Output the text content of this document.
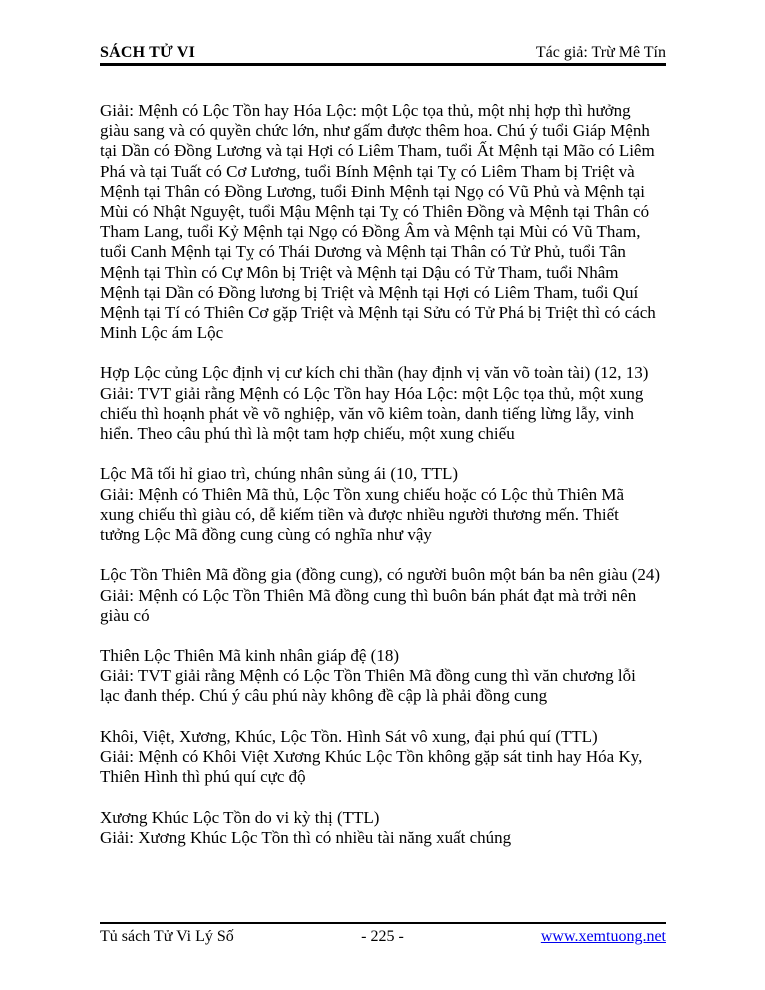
SÁCH TỬ VI	Tác giả: Trừ Mê Tín
Giải: Mệnh có Lộc Tồn hay Hóa Lộc: một Lộc tọa thủ, một nhị hợp thì hưởng
giàu sang và có quyền chức lớn, như gấm được thêm hoa. Chú ý tuổi Giáp Mệnh
tại Dần có Đồng Lương và tại Hợi có Liêm Tham, tuổi Ất Mệnh tại Mão có Liêm
Phá và tại Tuất có Cơ Lương, tuổi Bính Mệnh tại Tỵ có Liêm Tham bị Triệt và
Mệnh tại Thân có Đồng Lương, tuổi Đinh Mệnh tại Ngọ có Vũ Phủ và Mệnh tại
Mùi có Nhật Nguyệt, tuổi Mậu Mệnh tại Tỵ có Thiên Đồng và Mệnh tại Thân có
Tham Lang, tuổi Kỷ Mệnh tại Ngọ có Đồng Âm và Mệnh tại Mùi có Vũ Tham,
tuổi Canh Mệnh tại Tỵ có Thái Dương và Mệnh tại Thân có Tử Phủ, tuổi Tân
Mệnh tại Thìn có Cự Môn bị Triệt và Mệnh tại Dậu có Tử Tham, tuổi Nhâm
Mệnh tại Dần có Đồng lương bị Triệt và Mệnh tại Hợi có Liêm Tham, tuổi Quí
Mệnh tại Tí có Thiên Cơ gặp Triệt và Mệnh tại Sửu có Tử Phá bị Triệt thì có cách
Minh Lộc ám Lộc
Hợp Lộc củng Lộc định vị cư kích chi thần (hay định vị văn võ toàn tài) (12, 13)
Giải: TVT giải rằng Mệnh có Lộc Tồn hay Hóa Lộc: một Lộc tọa thủ, một xung
chiếu thì hoạnh phát về võ nghiệp, văn võ kiêm toàn, danh tiếng lừng lẫy, vinh
hiển. Theo câu phú thì là một tam hợp chiếu, một xung chiếu
Lộc Mã tối hỉ giao trì, chúng nhân sủng ái (10, TTL)
Giải: Mệnh có Thiên Mã thủ, Lộc Tồn xung chiếu hoặc có Lộc thủ Thiên Mã
xung chiếu thì giàu có, dễ kiếm tiền và được nhiều người thương mến. Thiết
tưởng Lộc Mã đồng cung cùng có nghĩa như vậy
Lộc Tồn Thiên Mã đồng gia (đồng cung), có người buôn một bán ba nên giàu (24)
Giải: Mệnh có Lộc Tồn Thiên Mã đồng cung thì buôn bán phát đạt mà trởi nên
giàu có
Thiên Lộc Thiên Mã kinh nhân giáp đệ (18)
Giải: TVT giải rằng Mệnh có Lộc Tồn Thiên Mã đồng cung thì văn chương lỗi
lạc đanh thép. Chú ý câu phú này không đề cập là phải đồng cung
Khôi, Việt, Xương, Khúc, Lộc Tồn. Hình Sát vô xung, đại phú quí (TTL)
Giải: Mệnh có Khôi Việt Xương Khúc Lộc Tồn không gặp sát tinh hay Hóa Ky,
Thiên Hình thì phú quí cực độ
Xương Khúc Lộc Tồn do vi kỳ thị (TTL)
Giải: Xương Khúc Lộc Tồn thì có nhiều tài năng xuất chúng
- 225 -
Tủ sách Tử Vi Lý Số	www.xemtuong.net
